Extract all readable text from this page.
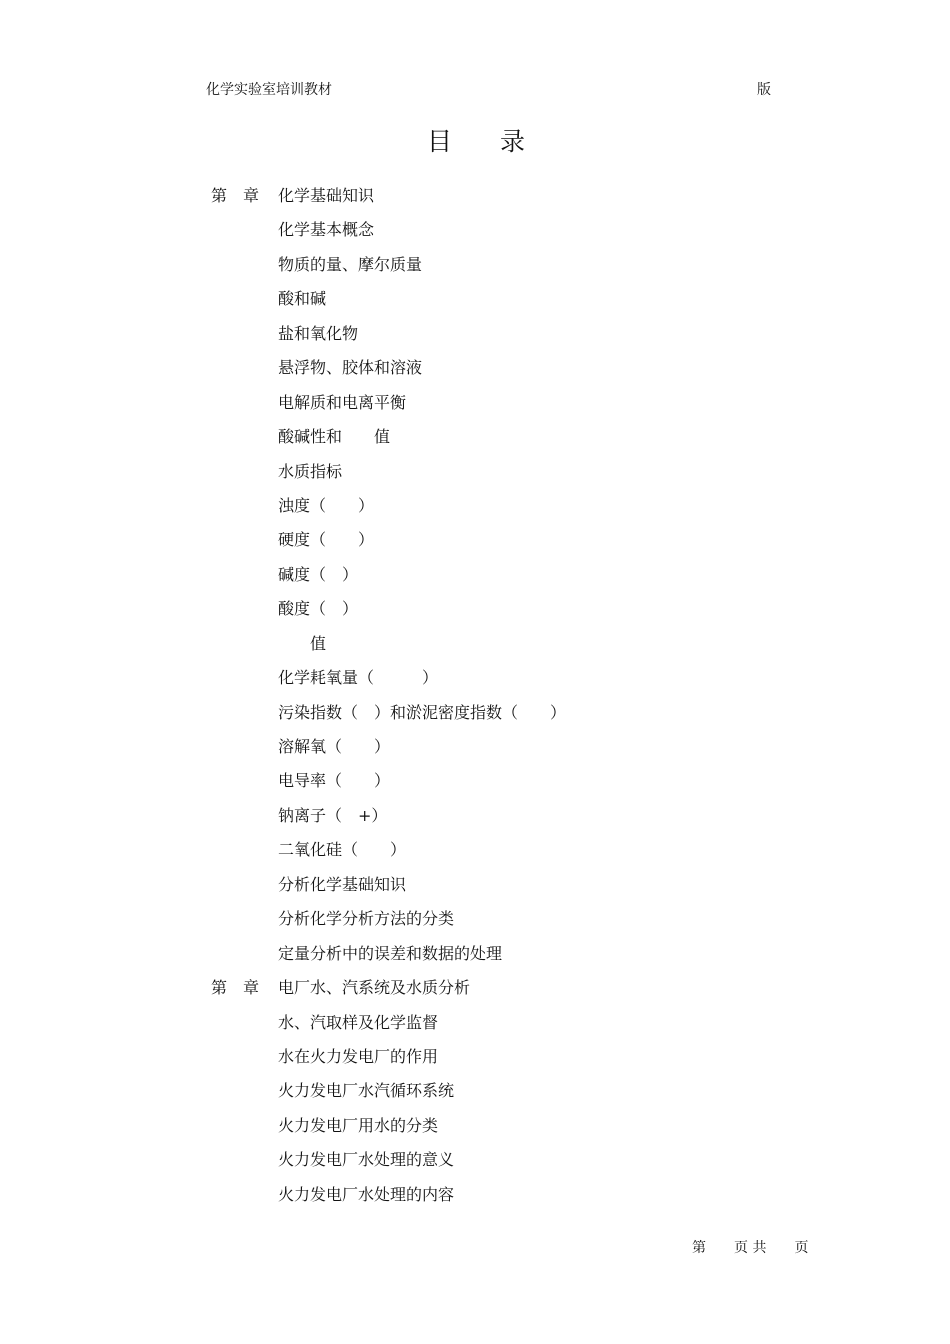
化学实验室培训教材	版
目录
第　章 化学基础知识
化学基本概念
物质的量、摩尔质量
酸和碱
盐和氧化物
悬浮物、胶体和溶液
电解质和电离平衡
酸碱性和　　值
水质指标
浊度（　　）
硬度（　　）
碱度（　）
酸度（　）
　　值
化学耗氧量（　　　）
污染指数（　）和淤泥密度指数（　　）
溶解氧（　　）
电导率（　　）
钠离子（　+）
二氧化硅（　　）
分析化学基础知识
分析化学分析方法的分类
定量分析中的误差和数据的处理
第　章 电厂水、汽系统及水质分析
水、汽取样及化学监督
水在火力发电厂的作用
火力发电厂水汽循环系统
火力发电厂用水的分类
火力发电厂水处理的意义
火力发电厂水处理的内容
第　　页 共　　页
